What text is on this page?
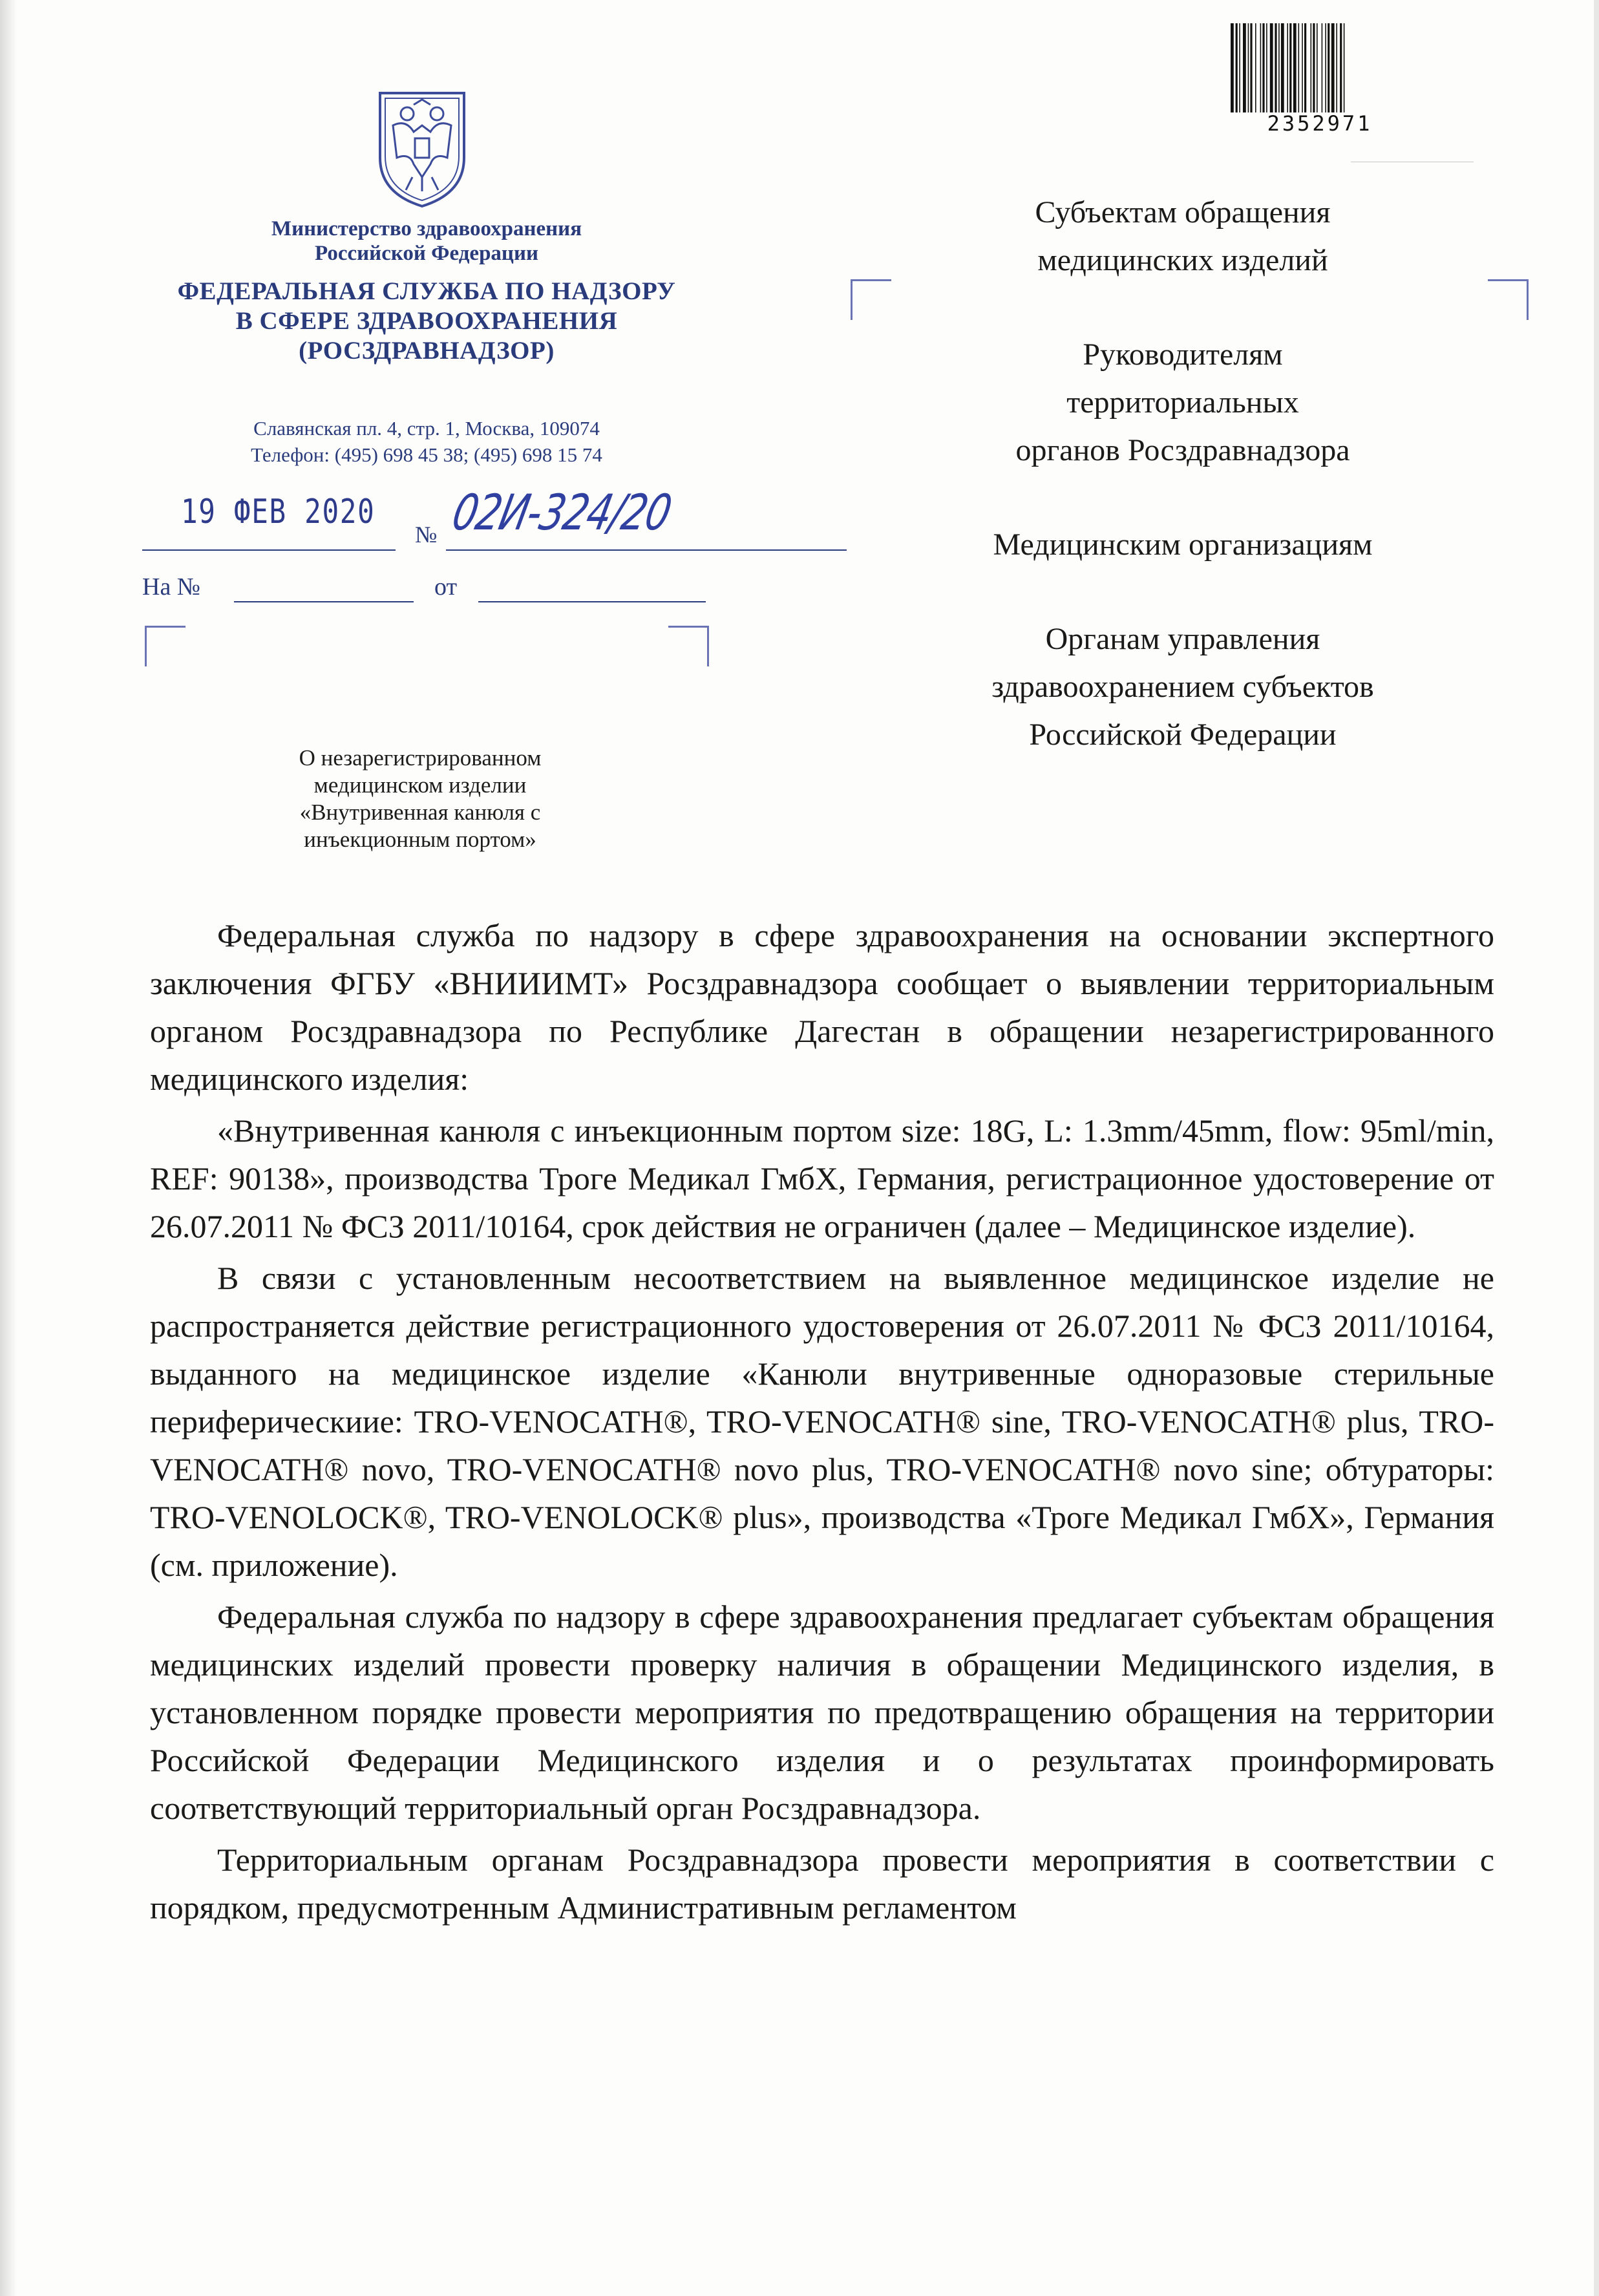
Министерство здравоохранения
Российской Федерации
ФЕДЕРАЛЬНАЯ СЛУЖБА ПО НАДЗОРУ
В СФЕРЕ ЗДРАВООХРАНЕНИЯ
(РОСЗДРАВНАДЗОР)
Славянская пл. 4, стр. 1, Москва, 109074
Телефон: (495) 698 45 38; (495) 698 15 74
19 ФЕВ 2020
№ 02И-324/20
На №	от
О незарегистрированном
медицинском изделии
«Внутривенная канюля с
инъекционным портом»
2352971
Субъектам обращения
медицинских изделий
Руководителям
территориальных
органов Росздравнадзора
Медицинским организациям
Органам управления
здравоохранением субъектов
Российской Федерации

Федеральная служба по надзору в сфере здравоохранения на основании экспертного заключения ФГБУ «ВНИИИМТ» Росздравнадзора сообщает о выявлении территориальным органом Росздравнадзора по Республике Дагестан в обращении незарегистрированного медицинского изделия:

«Внутривенная канюля с инъекционным портом size: 18G, L: 1.3mm/45mm, flow: 95ml/min, REF: 90138», производства Троге Медикал ГмбХ, Германия, регистрационное удостоверение от 26.07.2011 № ФСЗ 2011/10164, срок действия не ограничен (далее – Медицинское изделие).

В связи с установленным несоответствием на выявленное медицинское изделие не распространяется действие регистрационного удостоверения от 26.07.2011 № ФСЗ 2011/10164, выданного на медицинское изделие «Канюли внутривенные одноразовые стерильные периферическиие: TRO-VENOCATH®, TRO-VENOCATH® sine, TRO-VENOCATH® plus, TRO-VENOCATH® novo, TRO-VENOCATH® novo plus, TRO-VENOCATH® novo sine; обтураторы: TRO-VENOLOCK®, TRO-VENOLOCK® plus», производства «Троге Медикал ГмбХ», Германия (см. приложение).

Федеральная служба по надзору в сфере здравоохранения предлагает субъектам обращения медицинских изделий провести проверку наличия в обращении Медицинского изделия, в установленном порядке провести мероприятия по предотвращению обращения на территории Российской Федерации Медицинского изделия и о результатах проинформировать соответствующий территориальный орган Росздравнадзора.

Территориальным органам Росздравнадзора провести мероприятия в соответствии с порядком, предусмотренным Административным регламентом
